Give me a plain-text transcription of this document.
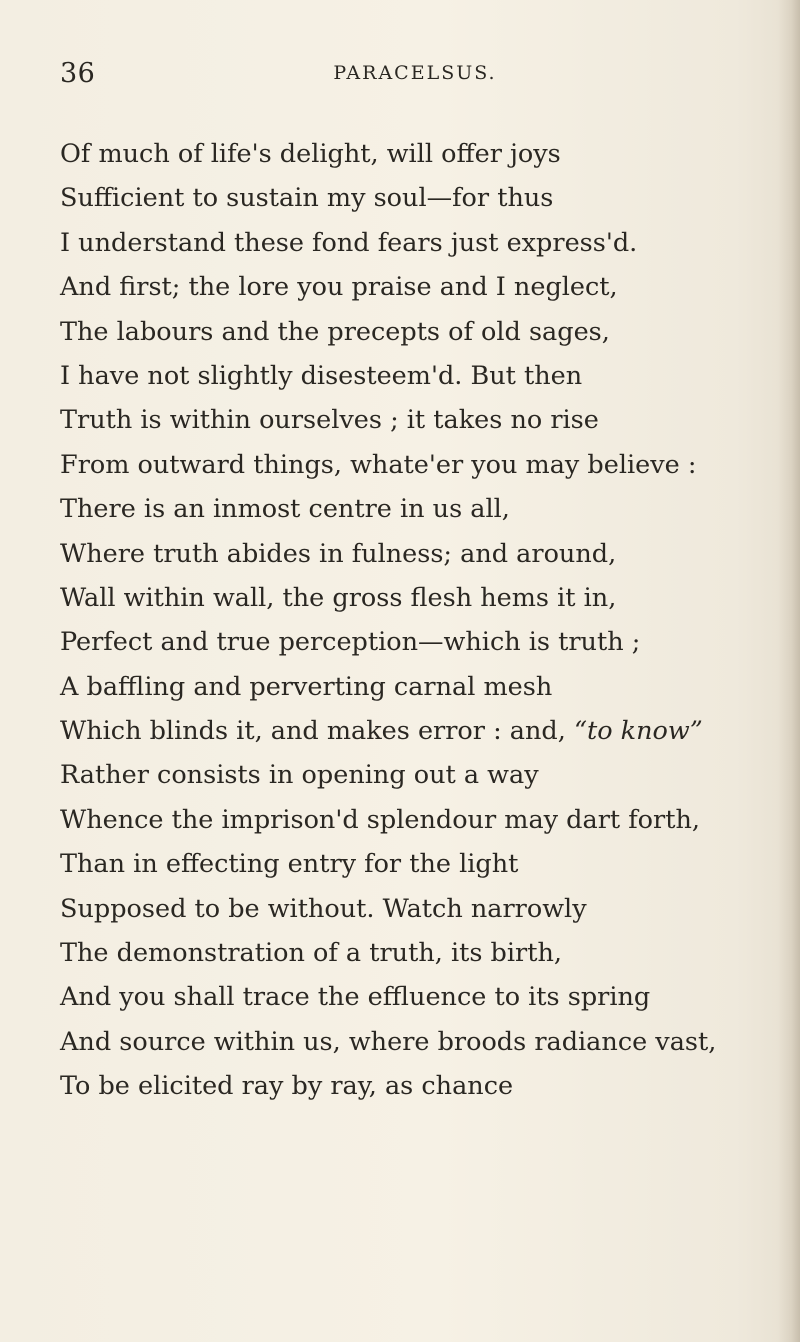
36	PARACELSUS.
Of much of life's delight, will offer joys
Sufficient to sustain my soul—for thus
I understand these fond fears just express'd.
And first; the lore you praise and I neglect,
The labours and the precepts of old sages,
I have not slightly disesteem'd. But then
Truth is within ourselves ; it takes no rise
From outward things, whate'er you may believe :
There is an inmost centre in us all,
Where truth abides in fulness; and around,
Wall within wall, the gross flesh hems it in,
Perfect and true perception—which is truth ;
A baffling and perverting carnal mesh
Which blinds it, and makes error : and, “to know”
Rather consists in opening out a way
Whence the imprison'd splendour may dart forth,
Than in effecting entry for the light
Supposed to be without. Watch narrowly
The demonstration of a truth, its birth,
And you shall trace the effluence to its spring
And source within us, where broods radiance vast,
To be elicited ray by ray, as chance
